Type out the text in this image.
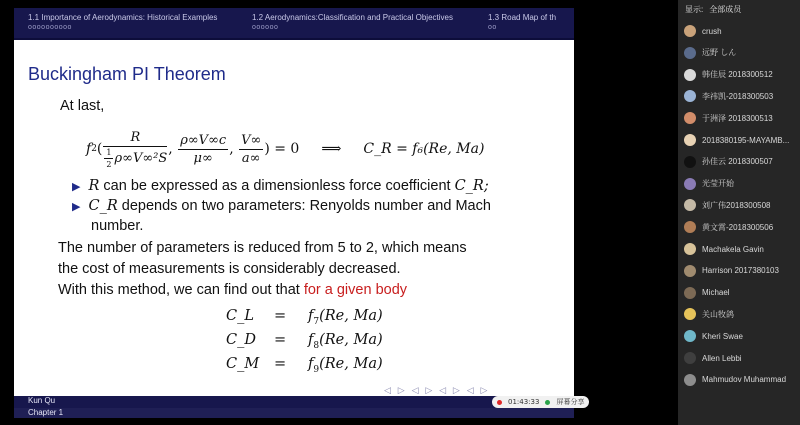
1.1 Importance of Aerodynamics: Historical Examples
oooooooooo
1.2 Aerodynamics:Classification and Practical Objectives
oooooo
1.3 Road Map of th
oo
Buckingham PI Theorem
At last,
f 2 ( $\frac{R}{\frac{1}{2} \rho\infty V\infty^2S}$ , $\frac{\rho\infty V\infty c}{\mu\infty}$ , $\frac{V\infty}{a\infty}$ ) = 0 ⟹ C_R = f₆(Re, Ma)
▶ R can be expressed as a dimensionless force coefficient C_R;
▶ C_R depends on two parameters: Renyolds number and Mach
number.
The number of parameters is reduced from 5 to 2, which means
the cost of measurements is considerably decreased.
With this method, we can find out that for a given body
C_L	= $f_7(Re$, Ma)
C_D = $f_8(Re$, Ma)
C_M = $f_9(Re$, Ma)
◁ ▷ ◁ ▷ ◁ ▷ ◁ ▷
01:43:33 屏幕分享
Kun Qu
Chapter 1
显示: 全部成员
crush
远野 しん
韩佳辰 2018300512
李祎凯-2018300503
于洲泽 2018300513
2018380195-MAYAMB...
孙佳云 2018300507
光莹开始
刘广伟2018300508
黄文霄-2018300506
Machakela Gavin
Harrison 2017380103
Michael
关山牧鸽
Kheri Swae
Allen Lebbi
Mahmudov Muhammad
